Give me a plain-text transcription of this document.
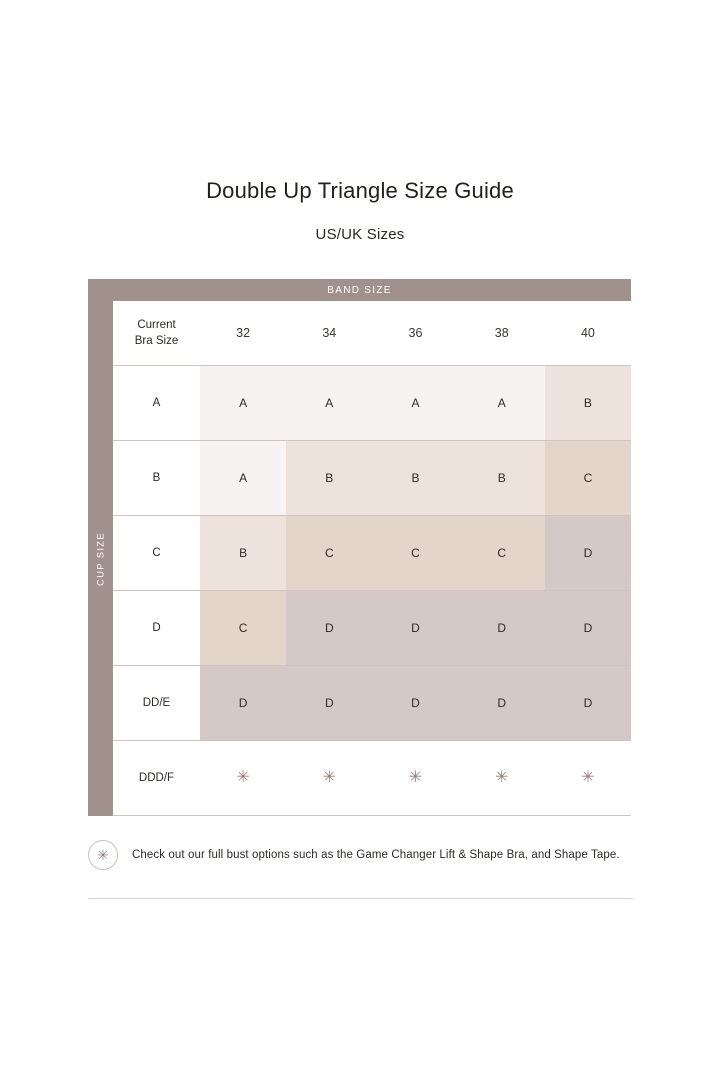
Double Up Triangle Size Guide

US/UK Sizes

BAND SIZE
CUP SIZE
Current
Bra Size
32	34	36	38	40
A	A	A	A	A	B
B	A	B	B	B	C
C	B	C	C	C	D
D	C	D	D	D	D
DD/E	D	D	D	D	D
DDD/F	✳	✳	✳	✳	✳
✳	Check out our full bust options such as the Game Changer Lift & Shape Bra, and Shape Tape.
